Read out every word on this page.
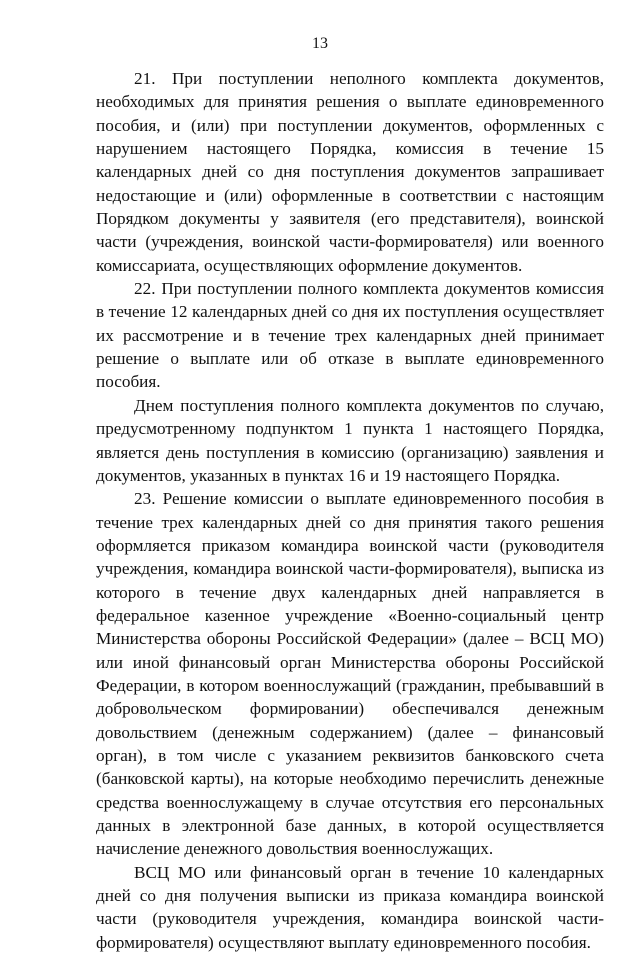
13

21. При поступлении неполного комплекта документов, необходимых для принятия решения о выплате единовременного пособия, и (или) при поступлении документов, оформленных с нарушением настоящего Порядка, комиссия в течение 15 календарных дней со дня поступления документов запрашивает недостающие и (или) оформленные в соответствии с настоящим Порядком документы у заявителя (его представителя), воинской части (учреждения, воинской части-формирователя) или военного комиссариата, осуществляющих оформление документов.

22. При поступлении полного комплекта документов комиссия в течение 12 календарных дней со дня их поступления осуществляет их рассмотрение и в течение трех календарных дней принимает решение о выплате или об отказе в выплате единовременного пособия.

Днем поступления полного комплекта документов по случаю, предусмотренному подпунктом 1 пункта 1 настоящего Порядка, является день поступления в комиссию (организацию) заявления и документов, указанных в пунктах 16 и 19 настоящего Порядка.

23. Решение комиссии о выплате единовременного пособия в течение трех календарных дней со дня принятия такого решения оформляется приказом командира воинской части (руководителя учреждения, командира воинской части-формирователя), выписка из которого в течение двух календарных дней направляется в федеральное казенное учреждение «Военно-социальный центр Министерства обороны Российской Федерации» (далее – ВСЦ МО) или иной финансовый орган Министерства обороны Российской Федерации, в котором военнослужащий (гражданин, пребывавший в добровольческом формировании) обеспечивался денежным довольствием (денежным содержанием) (далее – финансовый орган), в том числе с указанием реквизитов банковского счета (банковской карты), на которые необходимо перечислить денежные средства военнослужащему в случае отсутствия его персональных данных в электронной базе данных, в которой осуществляется начисление денежного довольствия военнослужащих.

ВСЦ МО или финансовый орган в течение 10 календарных дней со дня получения выписки из приказа командира воинской части (руководителя учреждения, командира воинской части-формирователя) осуществляют выплату единовременного пособия.
